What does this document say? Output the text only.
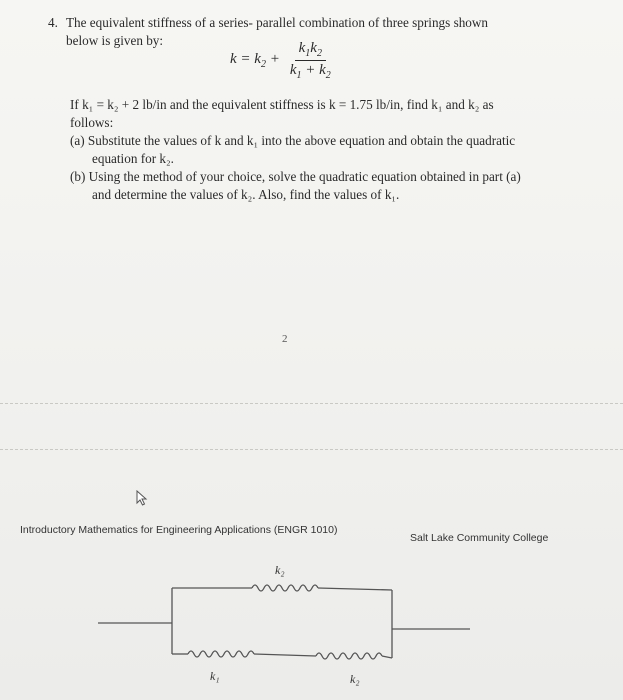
4. The equivalent stiffness of a series- parallel combination of three springs shown
below is given by:
$k = k_2 + \frac{k_1k_2}{k_1 + k_2}$
If k₁ = k₂ + 2 lb/in and the equivalent stiffness is k = 1.75 lb/in, find k₁ and k₂ as
follows:
(a) Substitute the values of k and k₁ into the above equation and obtain the quadratic
equation for k₂.
(b) Using the method of your choice, solve the quadratic equation obtained in part (a)
and determine the values of k₂. Also, find the values of k₁.
2
Introductory Mathematics for Engineering Applications (ENGR 1010)
Salt Lake Community College
k₂
k₁	k₂
